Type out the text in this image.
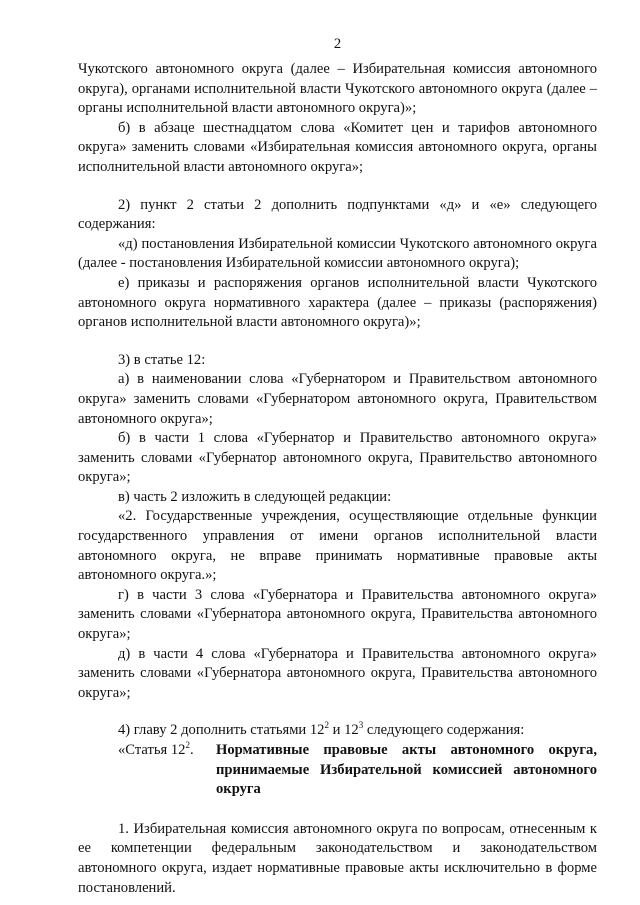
2

Чукотского автономного округа (далее – Избирательная комиссия автономного округа), органами исполнительной власти Чукотского автономного округа (далее – органы исполнительной власти автономного округа)»;

б) в абзаце шестнадцатом слова «Комитет цен и тарифов автономного округа» заменить словами «Избирательная комиссия автономного округа, органы исполнительной власти автономного округа»;

2) пункт 2 статьи 2 дополнить подпунктами «д» и «е» следующего содержания:

«д) постановления Избирательной комиссии Чукотского автономного округа (далее - постановления Избирательной комиссии автономного округа);

е) приказы и распоряжения органов исполнительной власти Чукотского автономного округа нормативного характера (далее – приказы (распоряжения) органов исполнительной власти автономного округа)»;

3) в статье 12:

а) в наименовании слова «Губернатором и Правительством автономного округа» заменить словами «Губернатором автономного округа, Правительством автономного округа»;

б) в части 1 слова «Губернатор и Правительство автономного округа» заменить словами «Губернатор автономного округа, Правительство автономного округа»;

в) часть 2 изложить в следующей редакции:

«2. Государственные учреждения, осуществляющие отдельные функции государственного управления от имени органов исполнительной власти автономного округа, не вправе принимать нормативные правовые акты автономного округа.»;

г) в части 3 слова «Губернатора и Правительства автономного округа» заменить словами «Губернатора автономного округа, Правительства автономного округа»;

д) в части 4 слова «Губернатора и Правительства автономного округа» заменить словами «Губернатора автономного округа, Правительства автономного округа»;

4) главу 2 дополнить статьями $12^2$ и $12^3$ следующего содержания:

«Статья $12^2$.	Нормативные правовые акты автономного округа, принимаемые Избирательной комиссией автономного округа

1. Избирательная комиссия автономного округа по вопросам, отнесенным к ее компетенции федеральным законодательством и законодательством автономного округа, издает нормативные правовые акты исключительно в форме постановлений.
